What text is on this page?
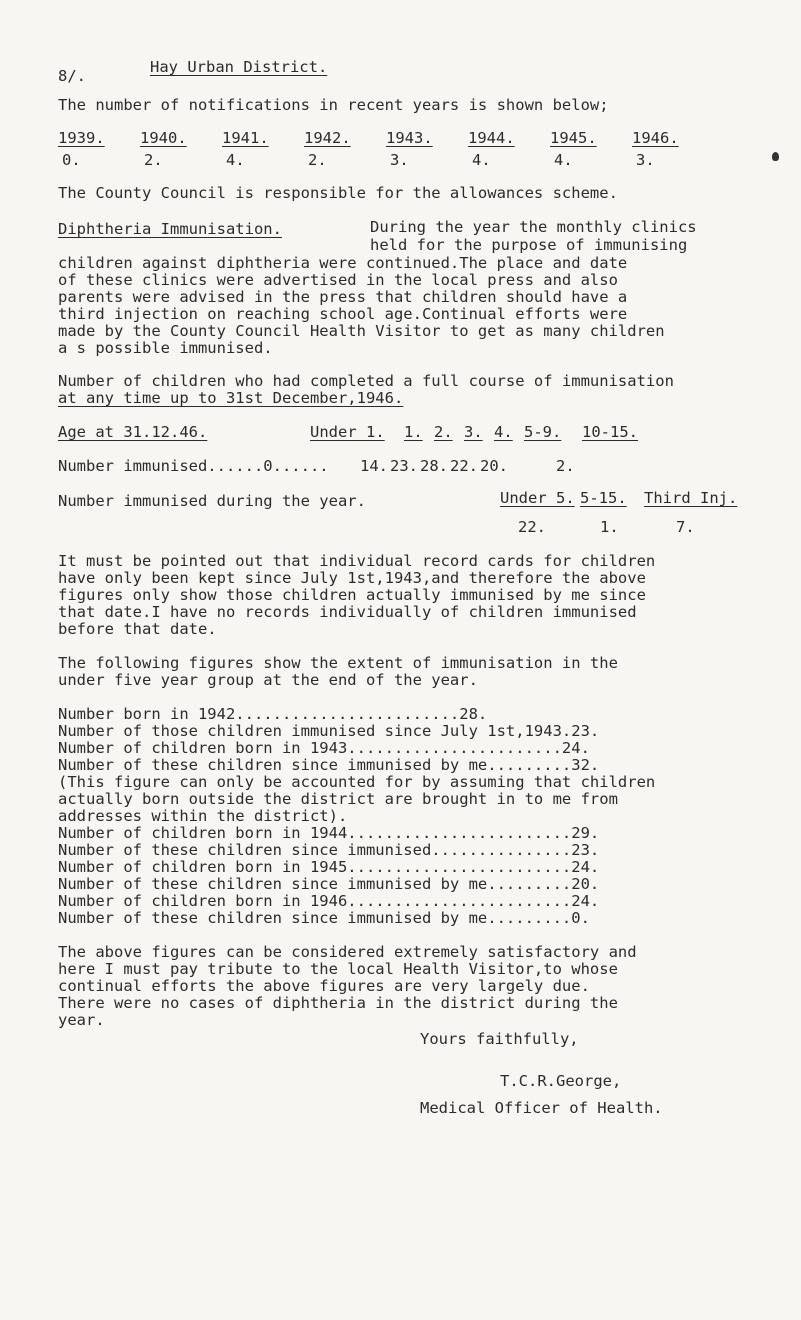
8/.	Hay Urban District.
The number of notifications in recent years is shown below;
1939.	1940.	1941.	1942.	1943.	1944.	1945.	1946.
0.	2.	4.	2.	3.	4.	4.	3.
The County Council is responsible for the allowances scheme.
Diphtheria Immunisation.	During the year the monthly clinics
held for the purpose of immunising
children against diphtheria were continued.The place and date
of these clinics were advertised in the local press and also
parents were advised in the press that children should have a
third injection on reaching school age.Continual efforts were
made by the County Council Health Visitor to get as many children
a s possible immunised.
Number of children who had completed a full course of immunisation
at any time up to 31st December,1946.
Age at 31.12.46.	Under 1.	1. 2. 3. 4. 5-9.	10-15.
Number immunised......0...... 14. 23. 28. 22. 20.	2.
Number immunised during the year.	Under 5. 5-15.	Third Inj.
22.	1.	7.
It must be pointed out that individual record cards for children
have only been kept since July 1st,1943,and therefore the above
figures only show those children actually immunised by me since
that date.I have no records individually of children immunised
before that date.
The following figures show the extent of immunisation in the
under five year group at the end of the year.
Number born in 1942........................28.
Number of those children immunised since July 1st,1943.23.
Number of children born in 1943.......................24.
Number of these children since immunised by me.........32.
(This figure can only be accounted for by assuming that children
actually born outside the district are brought in to me from
addresses within the district).
Number of children born in 1944........................29.
Number of these children since immunised...............23.
Number of children born in 1945........................24.
Number of these children since immunised by me.........20.
Number of children born in 1946........................24.
Number of these children since immunised by me.........0.
The above figures can be considered extremely satisfactory and
here I must pay tribute to the local Health Visitor,to whose
continual efforts the above figures are very largely due.
There were no cases of diphtheria in the district during the
year.
Yours faithfully,
T.C.R.George,
Medical Officer of Health.
